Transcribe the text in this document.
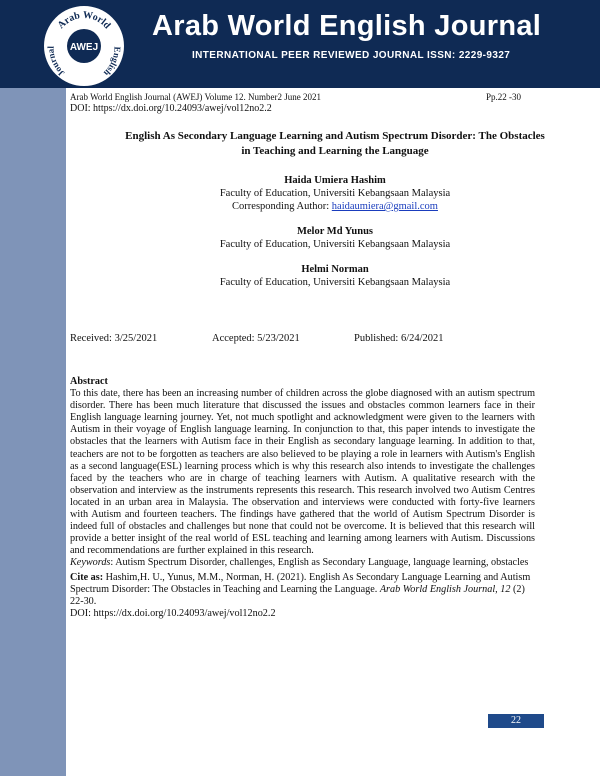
Arab World
Journal	English
AWEJ
Arab World English Journal
INTERNATIONAL PEER REVIEWED JOURNAL ISSN: 2229-9327
Arab World English Journal (AWEJ) Volume 12. Number2 June 2021	Pp.22 -30
DOI: https://dx.doi.org/10.24093/awej/vol12no2.2
English As Secondary Language Learning and Autism Spectrum Disorder: The Obstacles
in Teaching and Learning the Language
Haida Umiera Hashim
Faculty of Education, Universiti Kebangsaan Malaysia
Corresponding Author: haidaumiera@gmail.com
Melor Md Yunus
Faculty of Education, Universiti Kebangsaan Malaysia
Helmi Norman
Faculty of Education, Universiti Kebangsaan Malaysia
Received: 3/25/2021	Accepted: 5/23/2021	Published: 6/24/2021
Abstract
To this date, there has been an increasing number of children across the globe diagnosed with an autism spectrum disorder. There has been much literature that discussed the issues and obstacles common learners face in their English language learning journey. Yet, not much spotlight and acknowledgment were given to the learners with Autism in their voyage of English language learning. In conjunction to that, this paper intends to investigate the obstacles that the learners with Autism face in their English as secondary language learning. In addition to that, teachers are not to be forgotten as teachers are also believed to be playing a role in learners with Autism's English as a second language(ESL) learning process which is why this research also intends to investigate the challenges faced by the teachers who are in charge of teaching learners with Autism. A qualitative research with the observation and interview as the instruments represents this research. This research involved two Autism Centres located in an urban area in Malaysia. The observation and interviews were conducted with forty-five learners with Autism and fourteen teachers. The findings have gathered that the world of Autism Spectrum Disorder is indeed full of obstacles and challenges but none that could not be overcome. It is believed that this research will provide a better insight of the real world of ESL teaching and learning among learners with Autism. Discussions and recommendations are further explained in this research.
Keywords: Autism Spectrum Disorder, challenges, English as Secondary Language, language learning, obstacles
Cite as: Hashim,H. U., Yunus, M.M., Norman, H. (2021). English As Secondary Language Learning and Autism Spectrum Disorder: The Obstacles in Teaching and Learning the Language. Arab World English Journal, 12 (2) 22-30.
DOI: https://dx.doi.org/10.24093/awej/vol12no2.2
22
